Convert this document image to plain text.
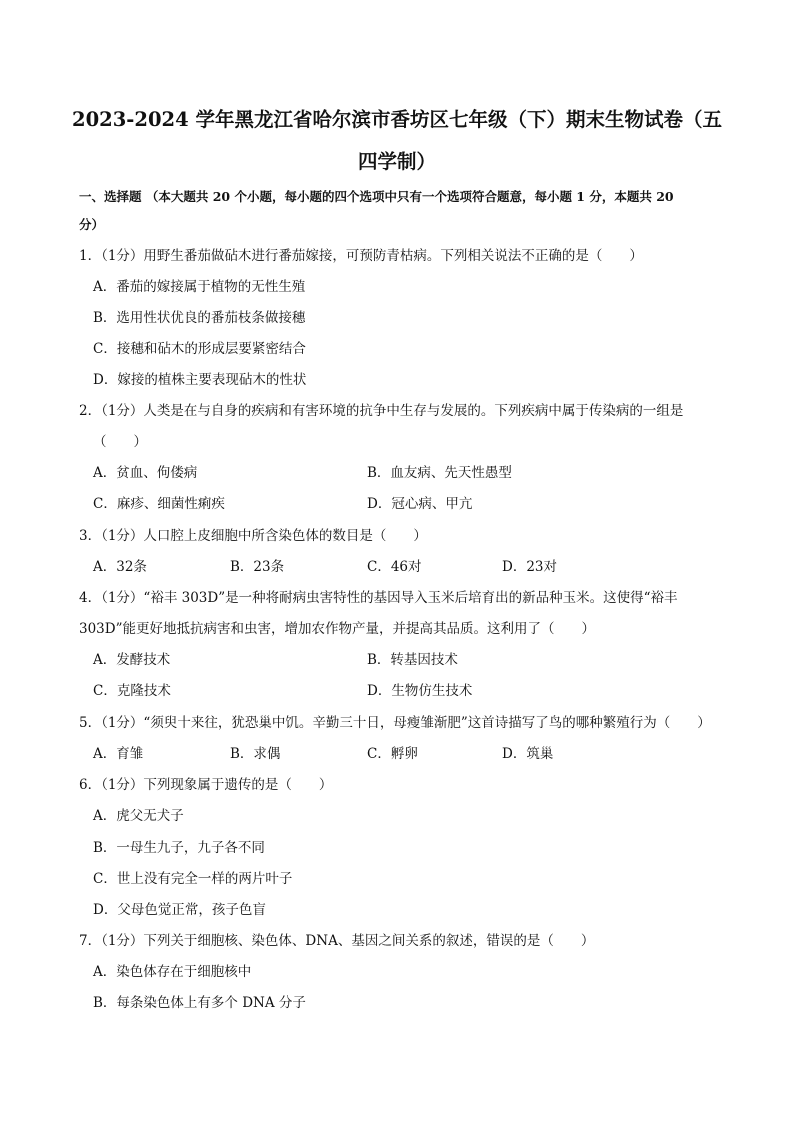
2023-2024 学年黑龙江省哈尔滨市香坊区七年级（下）期末生物试卷（五
四学制）
一、选择题 （本大题共 20 个小题，每小题的四个选项中只有一个选项符合题意，每小题 1 分，本题共 20
分）
1．（1分）用野生番茄做砧木进行番茄嫁接，可预防青枯病。下列相关说法不正确的是（　　）
A．番茄的嫁接属于植物的无性生殖
B．选用性状优良的番茄枝条做接穗
C．接穗和砧木的形成层要紧密结合
D．嫁接的植株主要表现砧木的性状
2．（1分）人类是在与自身的疾病和有害环境的抗争中生存与发展的。下列疾病中属于传染病的一组是
（　　）
A．贫血、佝偻病	B．血友病、先天性愚型
C．麻疹、细菌性痢疾	D．冠心病、甲亢
3．（1分）人口腔上皮细胞中所含染色体的数目是（　　）
A．32条	B．23条	C．46对	D．23对
4．（1分）“裕丰 303D”是一种将耐病虫害特性的基因导入玉米后培育出的新品种玉米。这使得“裕丰
303D”能更好地抵抗病害和虫害，增加农作物产量，并提高其品质。这利用了（　　）
A．发酵技术	B．转基因技术
C．克隆技术	D．生物仿生技术
5．（1分）“须臾十来往，犹恐巢中饥。辛勤三十日，母瘦雏渐肥”这首诗描写了鸟的哪种繁殖行为（　　）
A．育雏	B．求偶	C．孵卵	D．筑巢
6．（1分）下列现象属于遗传的是（　　）
A．虎父无犬子
B．一母生九子，九子各不同
C．世上没有完全一样的两片叶子
D．父母色觉正常，孩子色盲
7．（1分）下列关于细胞核、染色体、DNA、基因之间关系的叙述，错误的是（　　）
A．染色体存在于细胞核中
B．每条染色体上有多个 DNA 分子
